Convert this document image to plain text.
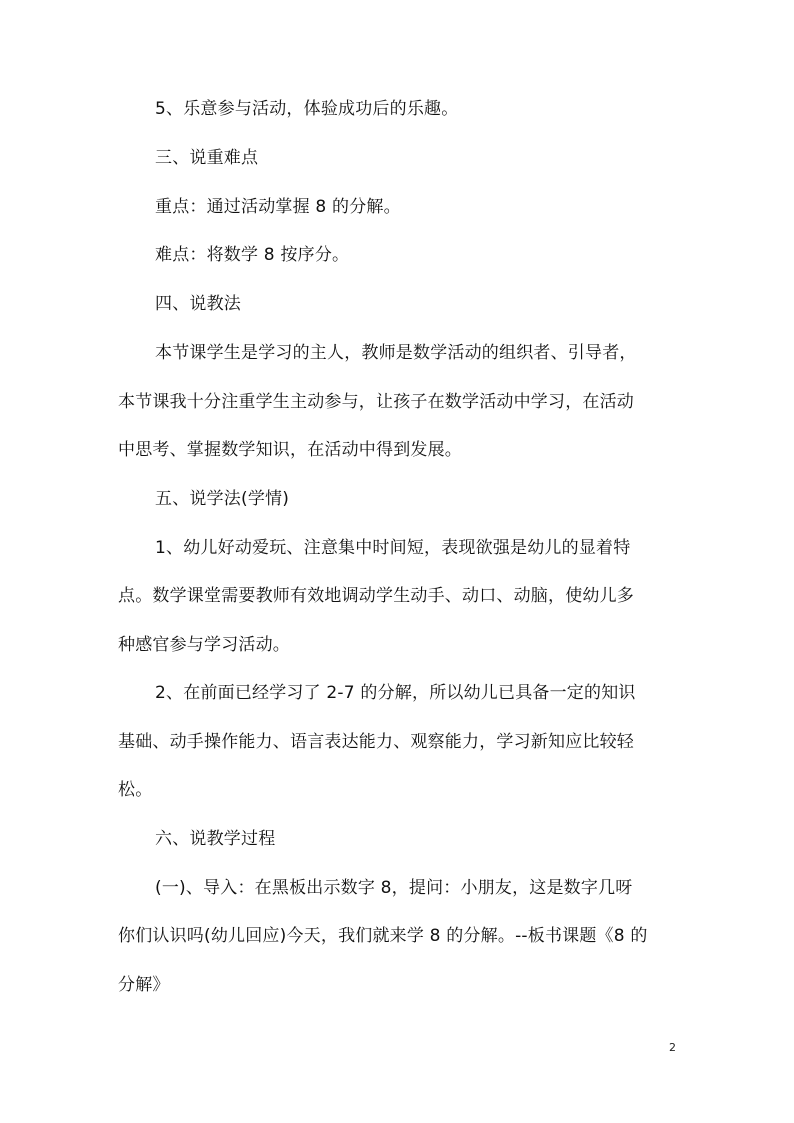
5、乐意参与活动，体验成功后的乐趣。
三、说重难点
重点：通过活动掌握 8 的分解。
难点：将数学 8 按序分。
四、说教法
本节课学生是学习的主人，教师是数学活动的组织者、引导者，
本节课我十分注重学生主动参与，让孩子在数学活动中学习，在活动
中思考、掌握数学知识，在活动中得到发展。
五、说学法(学情)
1、幼儿好动爱玩、注意集中时间短，表现欲强是幼儿的显着特
点。数学课堂需要教师有效地调动学生动手、动口、动脑，使幼儿多
种感官参与学习活动。
2、在前面已经学习了 2-7 的分解，所以幼儿已具备一定的知识
基础、动手操作能力、语言表达能力、观察能力，学习新知应比较轻
松。
六、说教学过程
(一)、导入：在黑板出示数字 8，提问：小朋友，这是数字几呀
你们认识吗(幼儿回应)今天，我们就来学 8 的分解。--板书课题《8 的
分解》
2
